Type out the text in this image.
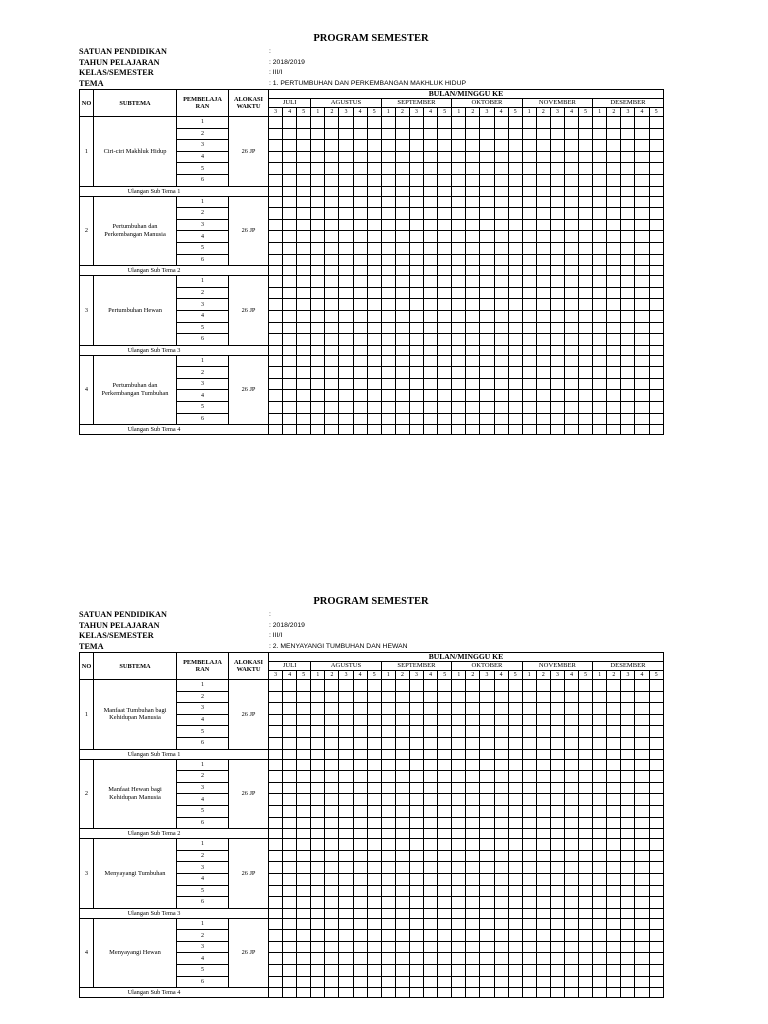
PROGRAM SEMESTER
SATUAN PENDIDIKAN	:
TAHUN PELAJARAN	: 2018/2019
KELAS/SEMESTER	: III/I
TEMA	: 1. PERTUMBUHAN DAN PERKEMBANGAN MAKHLUK HIDUP
NO	SUBTEMA	PEMBELAJA RAN	ALOKASI WAKTU	BULAN/MINGGU KE																											
				JULI			AGUSTUS					SEPTEMBER					OKTOBER					NOVEMBER					DESEMBER				
				3	4	5	1	2	3	4	5	1	2	3	4	5	1	2	3	4	5	1	2	3	4	5	1	2	3	4	5
1	Ciri-ciri Makhluk Hidup	1	26 JP																												
		2																													
		3																													
		4																													
		5																													
		6																													
Ulangan Sub Tema 1																															
2	Pertumbuhan dan Perkembangan Manusia	1	26 JP																												
		2																													
		3																													
		4																													
		5																													
		6																													
Ulangan Sub Tema 2																															
3	Pertumbuhan Hewan	1	26 JP																												
		2																													
		3																													
		4																													
		5																													
		6																													
Ulangan Sub Tema 3																															
4	Pertumbuhan dan Perkembangan Tumbuhan	1	26 JP																												
		2																													
		3																													
		4																													
		5																													
		6																													
Ulangan Sub Tema 4																															
PROGRAM SEMESTER
SATUAN PENDIDIKAN	:
TAHUN PELAJARAN	: 2018/2019
KELAS/SEMESTER	: III/I
TEMA	: 2. MENYAYANGI TUMBUHAN DAN HEWAN
NO	SUBTEMA	PEMBELAJA RAN	ALOKASI WAKTU	BULAN/MINGGU KE																											
				JULI			AGUSTUS					SEPTEMBER					OKTOBER					NOVEMBER					DESEMBER				
				3	4	5	1	2	3	4	5	1	2	3	4	5	1	2	3	4	5	1	2	3	4	5	1	2	3	4	5
1	Manfaat Tumbuhan bagi Kehidupan Manusia	1	26 JP																												
		2																													
		3																													
		4																													
		5																													
		6																													
Ulangan Sub Tema 1																															
2	Manfaat Hewan bagi Kehidupan Manusia	1	26 JP																												
		2																													
		3																													
		4																													
		5																													
		6																													
Ulangan Sub Tema 2																															
3	Menyayangi Tumbuhan	1	26 JP																												
		2																													
		3																													
		4																													
		5																													
		6																													
Ulangan Sub Tema 3																															
4	Menyayangi Hewan	1	26 JP																												
		2																													
		3																													
		4																													
		5																													
		6																													
Ulangan Sub Tema 4																															
